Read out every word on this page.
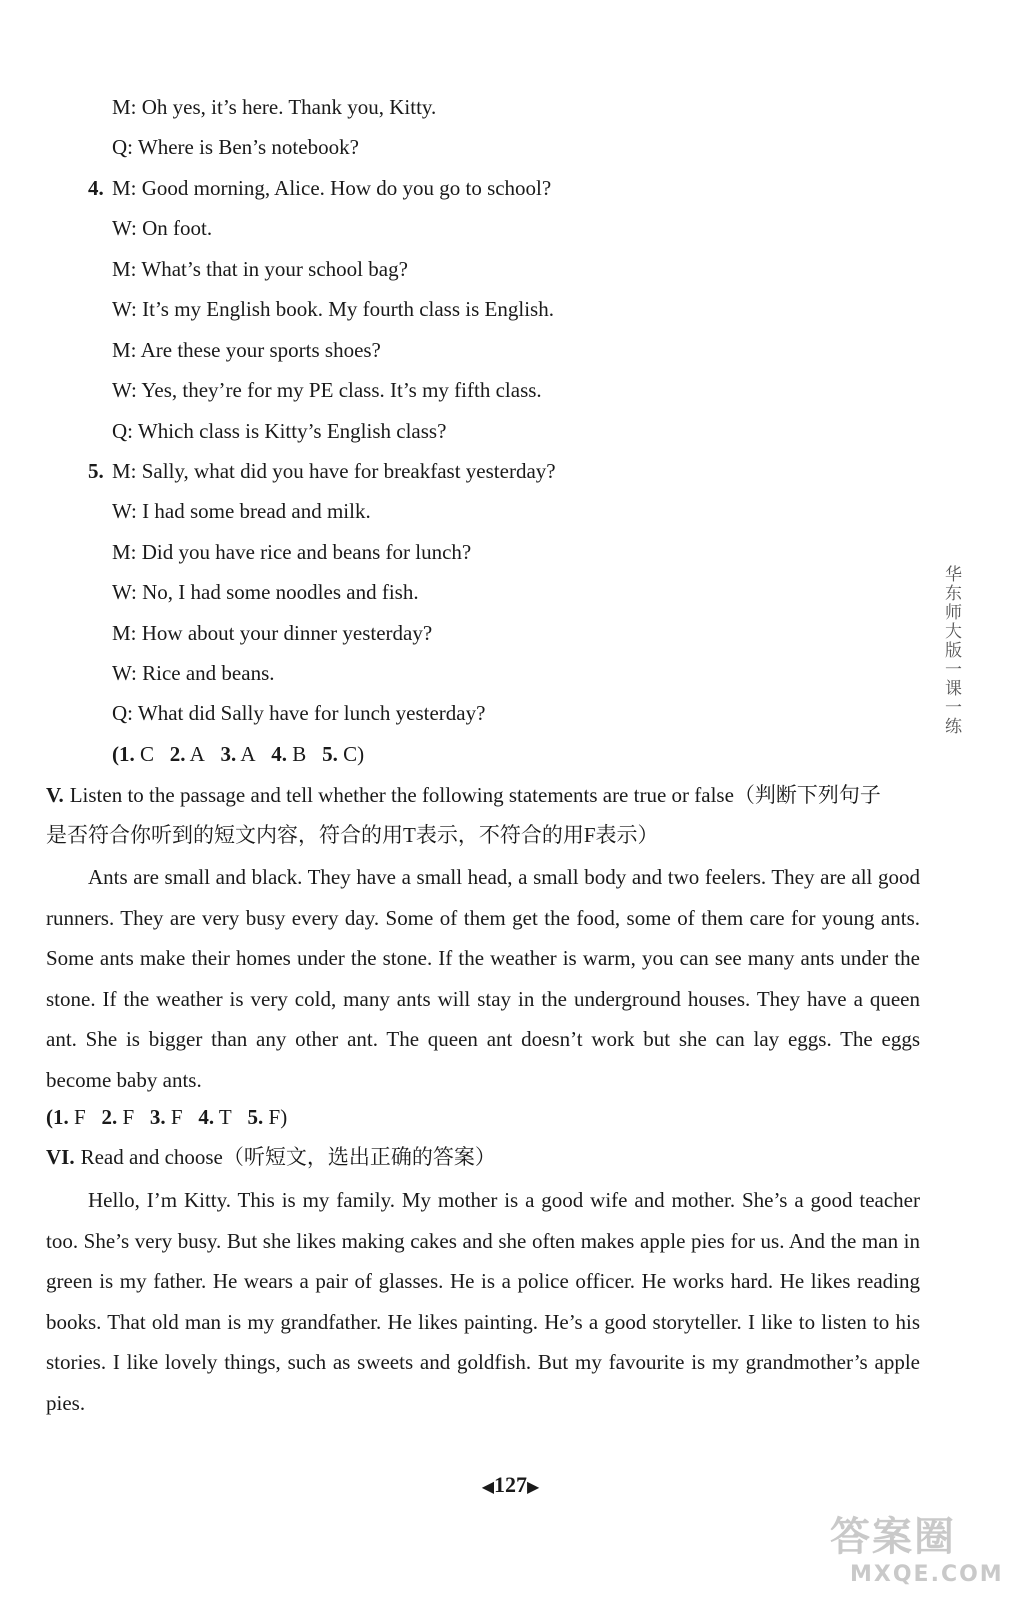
M: Oh yes, it’s here. Thank you, Kitty.
Q: Where is Ben’s notebook?
4. M: Good morning, Alice. How do you go to school?
W: On foot.
M: What’s that in your school bag?
W: It’s my English book. My fourth class is English.
M: Are these your sports shoes?
W: Yes, they’re for my PE class. It’s my fifth class.
Q: Which class is Kitty’s English class?
5. M: Sally, what did you have for breakfast yesterday?
W: I had some bread and milk.
M: Did you have rice and beans for lunch?
W: No, I had some noodles and fish.
M: How about your dinner yesterday?
W: Rice and beans.
Q: What did Sally have for lunch yesterday?
(1. C 2. A 3. A 4. B 5. C)
V. Listen to the passage and tell whether the following statements are true or false（判断下列句子
是否符合你听到的短文内容，符合的用T表示，不符合的用F表示）
Ants are small and black. They have a small head, a small body and two feelers. They are all good runners. They are very busy every day. Some of them get the food, some of them care for young ants. Some ants make their homes under the stone. If the weather is warm, you can see many ants under the stone. If the weather is very cold, many ants will stay in the underground houses. They have a queen ant. She is bigger than any other ant. The queen ant doesn’t work but she can lay eggs. The eggs become baby ants.
(1. F 2. F 3. F 4. T 5. F)
VI. Read and choose（听短文，选出正确的答案）
Hello, I’m Kitty. This is my family. My mother is a good wife and mother. She’s a good teacher too. She’s very busy. But she likes making cakes and she often makes apple pies for us. And the man in green is my father. He wears a pair of glasses. He is a police officer. He works hard. He likes reading books. That old man is my grandfather. He likes painting. He’s a good storyteller. I like to listen to his stories. I like lovely things, such as sweets and goldfish. But my favourite is my grandmother’s apple pies.
华东师大版一课一练
◀127▶
答案圈
MXQE.COM
